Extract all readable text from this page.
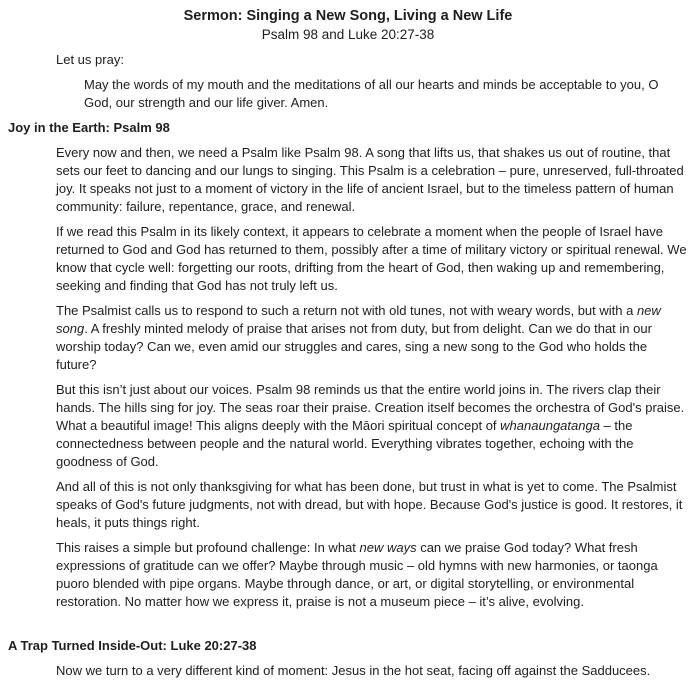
Sermon: Singing a New Song, Living a New Life
Psalm 98 and Luke 20:27-38

Let us pray:

May the words of my mouth and the meditations of all our hearts and minds be acceptable to you, O God, our strength and our life giver. Amen.

Joy in the Earth: Psalm 98

Every now and then, we need a Psalm like Psalm 98. A song that lifts us, that shakes us out of routine, that sets our feet to dancing and our lungs to singing. This Psalm is a celebration – pure, unreserved, full-throated joy. It speaks not just to a moment of victory in the life of ancient Israel, but to the timeless pattern of human community: failure, repentance, grace, and renewal.

If we read this Psalm in its likely context, it appears to celebrate a moment when the people of Israel have returned to God and God has returned to them, possibly after a time of military victory or spiritual renewal. We know that cycle well: forgetting our roots, drifting from the heart of God, then waking up and remembering, seeking and finding that God has not truly left us.

The Psalmist calls us to respond to such a return not with old tunes, not with weary words, but with a new song. A freshly minted melody of praise that arises not from duty, but from delight. Can we do that in our worship today? Can we, even amid our struggles and cares, sing a new song to the God who holds the future?

But this isn’t just about our voices. Psalm 98 reminds us that the entire world joins in. The rivers clap their hands. The hills sing for joy. The seas roar their praise. Creation itself becomes the orchestra of God's praise. What a beautiful image! This aligns deeply with the Māori spiritual concept of whanaungatanga – the connectedness between people and the natural world. Everything vibrates together, echoing with the goodness of God.

And all of this is not only thanksgiving for what has been done, but trust in what is yet to come. The Psalmist speaks of God's future judgments, not with dread, but with hope. Because God's justice is good. It restores, it heals, it puts things right.

This raises a simple but profound challenge: In what new ways can we praise God today? What fresh expressions of gratitude can we offer? Maybe through music – old hymns with new harmonies, or taonga puoro blended with pipe organs. Maybe through dance, or art, or digital storytelling, or environmental restoration. No matter how we express it, praise is not a museum piece – it’s alive, evolving.

A Trap Turned Inside-Out: Luke 20:27-38

Now we turn to a very different kind of moment: Jesus in the hot seat, facing off against the Sadducees.
